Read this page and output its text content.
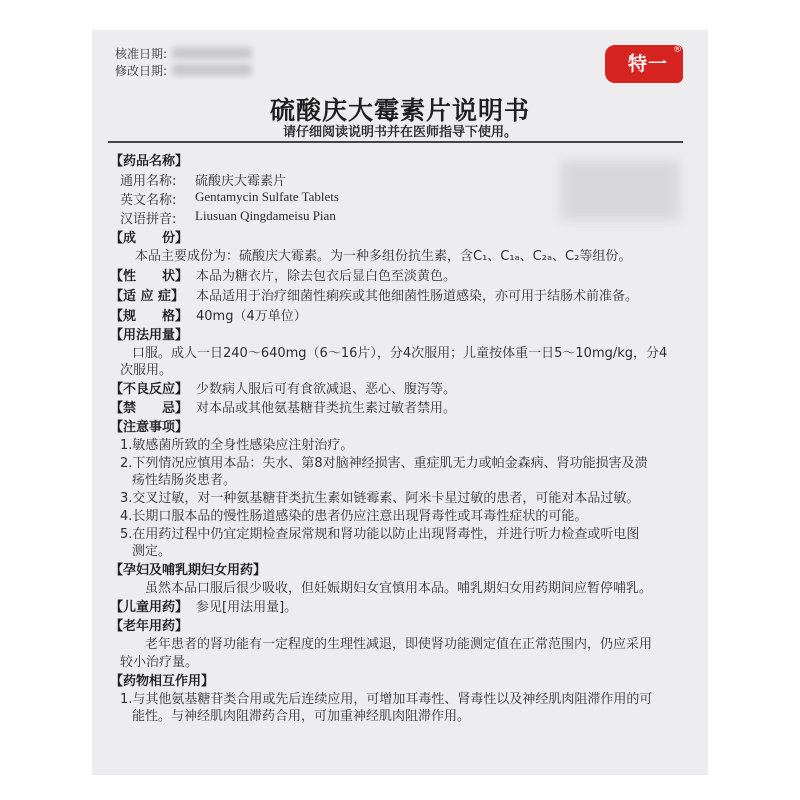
核准日期:
修改日期:	特一
®
硫酸庆大霉素片说明书
请仔细阅读说明书并在医师指导下使用。
【药品名称】
通用名称: 硫酸庆大霉素片
英文名称: Gentamycin Sulfate Tablets
汉语拼音: Liusuan Qingdameisu Pian
【成　　份】
本品主要成份为：硫酸庆大霉素。为一种多组份抗生素，含C₁、C₁ₐ、C₂ₐ、C₂等组份。
【性　　状】 本品为糖衣片，除去包衣后显白色至淡黄色。
【适 应 症】 本品适用于治疗细菌性痢疾或其他细菌性肠道感染，亦可用于结肠术前准备。
【规　　格】 40mg（4万单位）
【用法用量】
口服。成人一日240～640mg（6～16片），分4次服用；儿童按体重一日5～10mg/kg，分4
次服用。
【不良反应】 少数病人服后可有食欲减退、恶心、腹泻等。
【禁　　忌】 对本品或其他氨基糖苷类抗生素过敏者禁用。
【注意事项】
1.敏感菌所致的全身性感染应注射治疗。
2.下列情况应慎用本品：失水、第8对脑神经损害、重症肌无力或帕金森病、肾功能损害及溃
疡性结肠炎患者。
3.交叉过敏，对一种氨基糖苷类抗生素如链霉素、阿米卡星过敏的患者，可能对本品过敏。
4.长期口服本品的慢性肠道感染的患者仍应注意出现肾毒性或耳毒性症状的可能。
5.在用药过程中仍宜定期检查尿常规和肾功能以防止出现肾毒性，并进行听力检查或听电图
测定。
【孕妇及哺乳期妇女用药】
虽然本品口服后很少吸收，但妊娠期妇女宜慎用本品。哺乳期妇女用药期间应暂停哺乳。
【儿童用药】 参见[用法用量]。
【老年用药】
老年患者的肾功能有一定程度的生理性减退，即使肾功能测定值在正常范围内，仍应采用
较小治疗量。
【药物相互作用】
1.与其他氨基糖苷类合用或先后连续应用，可增加耳毒性、肾毒性以及神经肌肉阻滞作用的可
能性。与神经肌肉阻滞药合用，可加重神经肌肉阻滞作用。
